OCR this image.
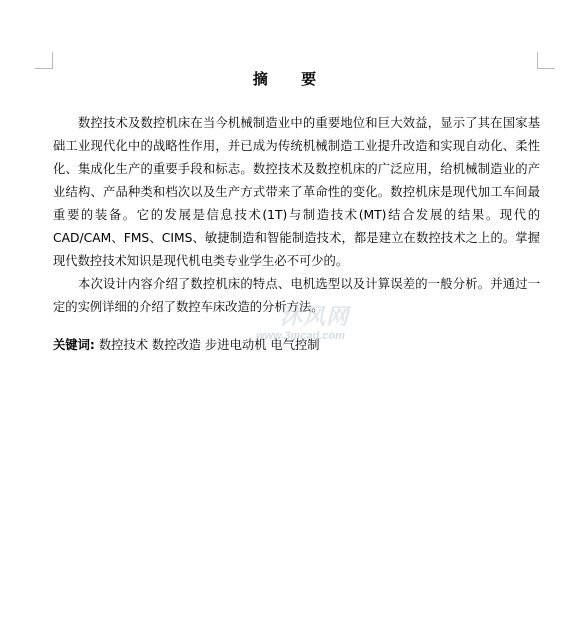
摘 要

数控技术及数控机床在当今机械制造业中的重要地位和巨大效益，显示了其在国家基础工业现代化中的战略性作用，并已成为传统机械制造工业提升改造和实现自动化、柔性化、集成化生产的重要手段和标志。数控技术及数控机床的广泛应用，给机械制造业的产业结构、产品种类和档次以及生产方式带来了革命性的变化。数控机床是现代加工车间最重要的装备。它的发展是信息技术(1T)与制造技术(MT)结合发展的结果。现代的CAD/CAM、FMS、CIMS、敏捷制造和智能制造技术，都是建立在数控技术之上的。掌握现代数控技术知识是现代机电类专业学生必不可少的。

本次设计内容介绍了数控机床的特点、电机选型以及计算误差的一般分析。并通过一定的实例详细的介绍了数控车床改造的分析方法。

关键词: 数控技术 数控改造 步进电动机 电气控制
沐风网
www.3mcad.com
